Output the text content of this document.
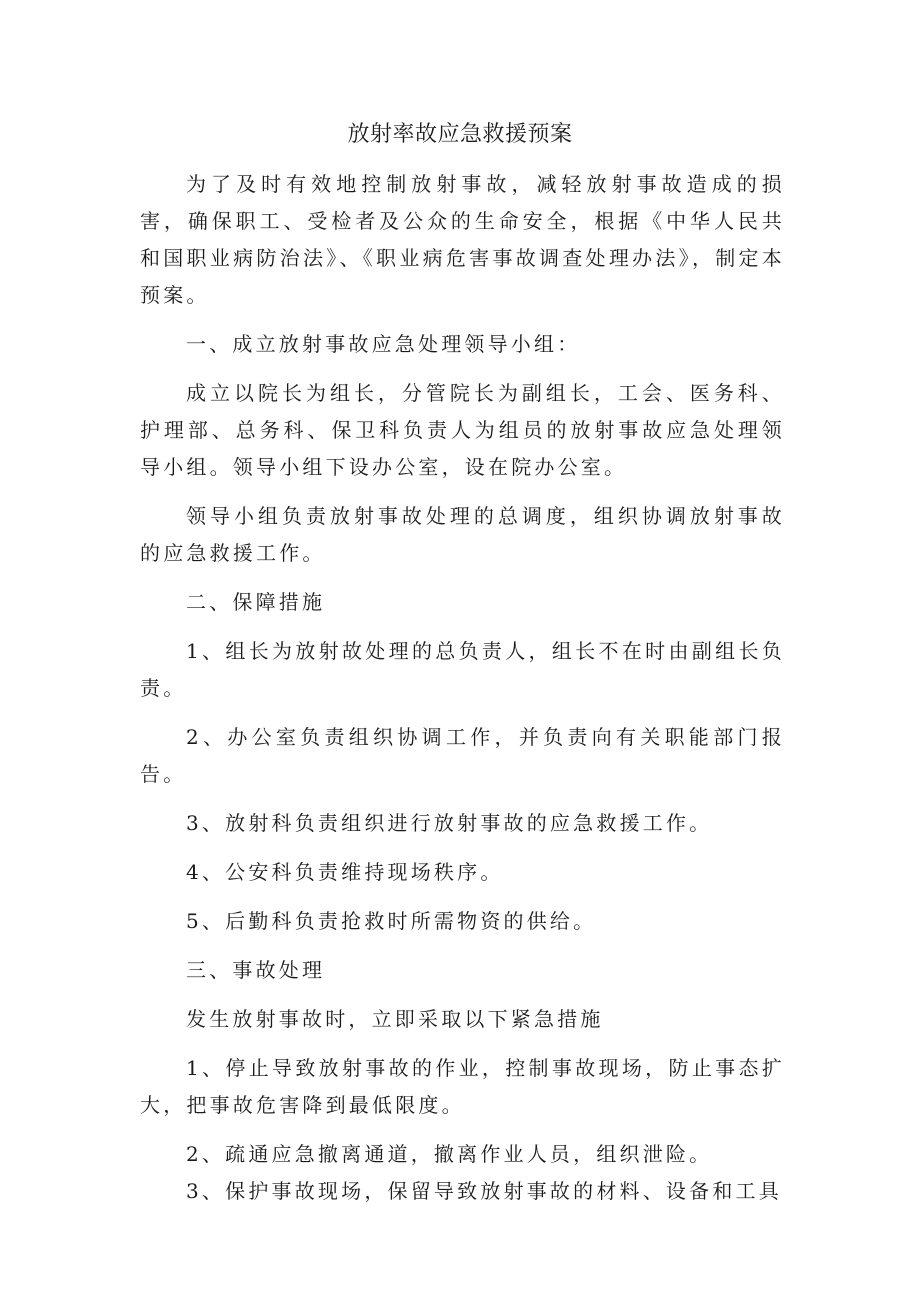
放射率故应急救援预案

为了及时有效地控制放射事故，减轻放射事故造成的损害，确保职工、受检者及公众的生命安全，根据《中华人民共和国职业病防治法》、《职业病危害事故调查处理办法》，制定本预案。

一、成立放射事故应急处理领导小组：

成立以院长为组长，分管院长为副组长，工会、医务科、护理部、总务科、保卫科负责人为组员的放射事故应急处理领导小组。领导小组下设办公室，设在院办公室。

领导小组负责放射事故处理的总调度，组织协调放射事故的应急救援工作。

二、保障措施

1、组长为放射故处理的总负责人，组长不在时由副组长负责。

2、办公室负责组织协调工作，并负责向有关职能部门报告。

3、放射科负责组织进行放射事故的应急救援工作。

4、公安科负责维持现场秩序。

5、后勤科负责抢救时所需物资的供给。

三、事故处理

发生放射事故时，立即采取以下紧急措施

1、停止导致放射事故的作业，控制事故现场，防止事态扩大，把事故危害降到最低限度。

2、疏通应急撤离通道，撤离作业人员，组织泄险。

3、保护事故现场，保留导致放射事故的材料、设备和工具
